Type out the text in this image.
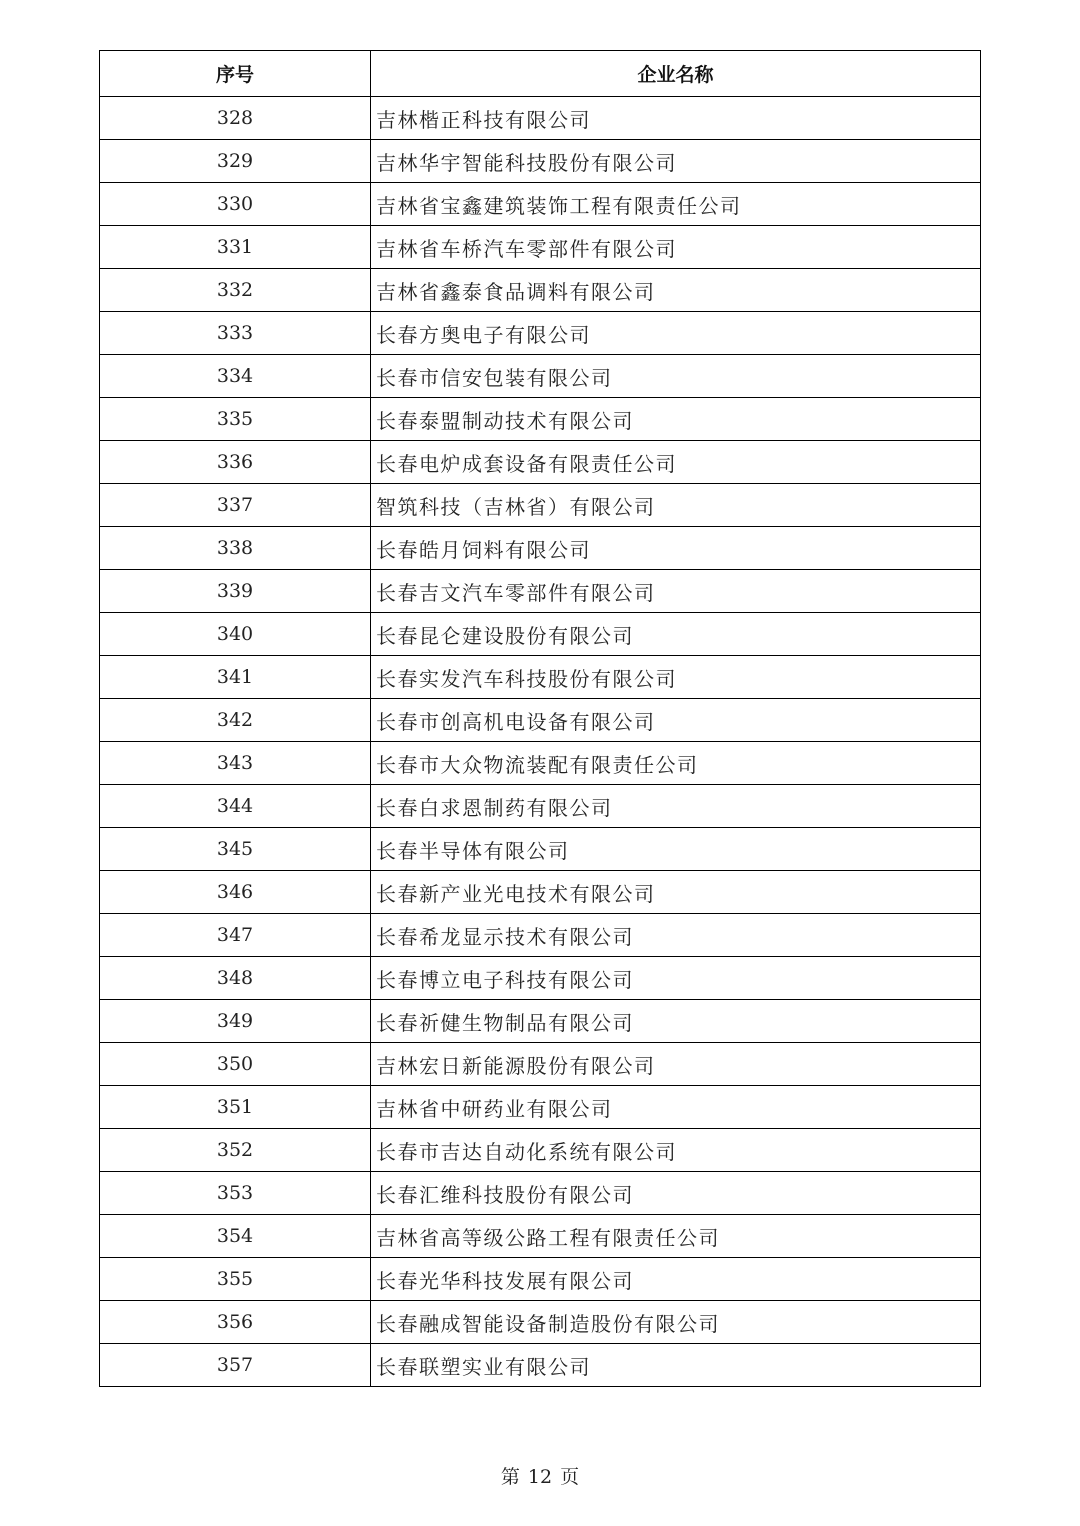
序号	企业名称
328	吉林楷正科技有限公司
329	吉林华宇智能科技股份有限公司
330	吉林省宝鑫建筑装饰工程有限责任公司
331	吉林省车桥汽车零部件有限公司
332	吉林省鑫泰食品调料有限公司
333	长春方奥电子有限公司
334	长春市信安包装有限公司
335	长春泰盟制动技术有限公司
336	长春电炉成套设备有限责任公司
337	智筑科技（吉林省）有限公司
338	长春皓月饲料有限公司
339	长春吉文汽车零部件有限公司
340	长春昆仑建设股份有限公司
341	长春实发汽车科技股份有限公司
342	长春市创高机电设备有限公司
343	长春市大众物流装配有限责任公司
344	长春白求恩制药有限公司
345	长春半导体有限公司
346	长春新产业光电技术有限公司
347	长春希龙显示技术有限公司
348	长春博立电子科技有限公司
349	长春祈健生物制品有限公司
350	吉林宏日新能源股份有限公司
351	吉林省中研药业有限公司
352	长春市吉达自动化系统有限公司
353	长春汇维科技股份有限公司
354	吉林省高等级公路工程有限责任公司
355	长春光华科技发展有限公司
356	长春融成智能设备制造股份有限公司
357	长春联塑实业有限公司
第 12 页
